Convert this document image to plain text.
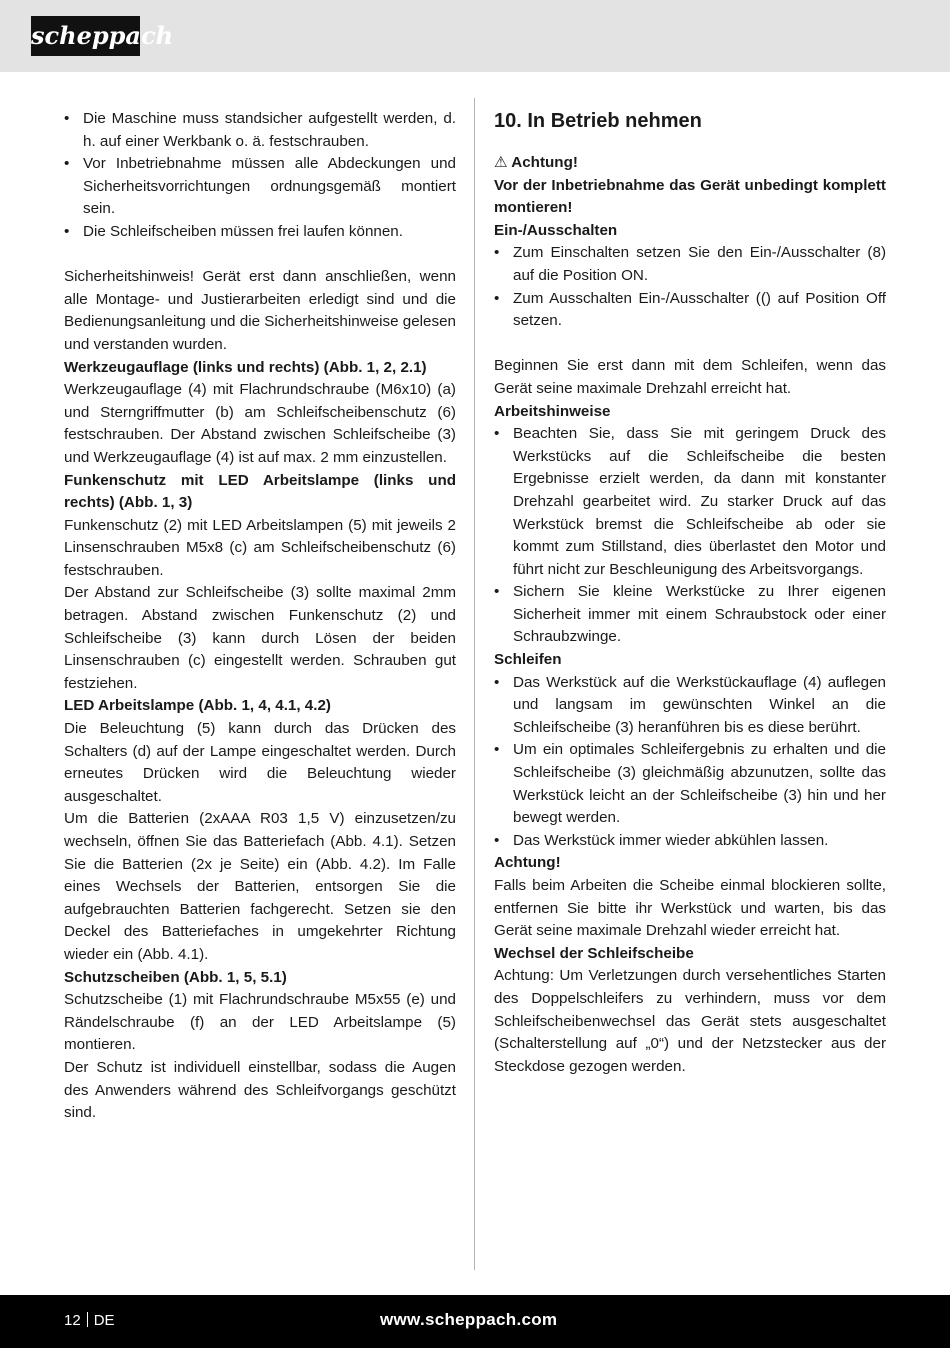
scheppach
• Die Maschine muss standsicher aufgestellt werden, d. h. auf einer Werkbank o. ä. festschrauben.
• Vor Inbetriebnahme müssen alle Abdeckungen und Sicherheitsvorrichtungen ordnungsgemäß montiert sein.
• Die Schleifscheiben müssen frei laufen können.

Sicherheitshinweis! Gerät erst dann anschließen, wenn alle Montage- und Justierarbeiten erledigt sind und die Bedienungsanleitung und die Sicherheitshinweise gelesen und verstanden wurden.

Werkzeugauflage (links und rechts) (Abb. 1, 2, 2.1)

Werkzeugauflage (4) mit Flachrundschraube (M6x10) (a) und Sterngriffmutter (b) am Schleifscheibenschutz (6) festschrauben. Der Abstand zwischen Schleifscheibe (3) und Werkzeugauflage (4) ist auf max. 2 mm einzustellen.

Funkenschutz mit LED Arbeitslampe (links und rechts) (Abb. 1, 3)

Funkenschutz (2) mit LED Arbeitslampen (5) mit jeweils 2 Linsenschrauben M5x8 (c) am Schleifscheibenschutz (6) festschrauben.

Der Abstand zur Schleifscheibe (3) sollte maximal 2mm betragen. Abstand zwischen Funkenschutz (2) und Schleifscheibe (3) kann durch Lösen der beiden Linsenschrauben (c) eingestellt werden. Schrauben gut festziehen.

LED Arbeitslampe (Abb. 1, 4, 4.1, 4.2)

Die Beleuchtung (5) kann durch das Drücken des Schalters (d) auf der Lampe eingeschaltet werden. Durch erneutes Drücken wird die Beleuchtung wieder ausgeschaltet.

Um die Batterien (2xAAA R03 1,5 V) einzusetzen/zu wechseln, öffnen Sie das Batteriefach (Abb. 4.1). Setzen Sie die Batterien (2x je Seite) ein (Abb. 4.2). Im Falle eines Wechsels der Batterien, entsorgen Sie die aufgebrauchten Batterien fachgerecht. Setzen sie den Deckel des Batteriefaches in umgekehrter Richtung wieder ein (Abb. 4.1).

Schutzscheiben (Abb. 1, 5, 5.1)

Schutzscheibe (1) mit Flachrundschraube M5x55 (e) und Rändelschraube (f) an der LED Arbeitslampe (5) montieren.

Der Schutz ist individuell einstellbar, sodass die Augen des Anwenders während des Schleifvorgangs geschützt sind.

10. In Betrieb nehmen

⚠ Achtung!

Vor der Inbetriebnahme das Gerät unbedingt komplett montieren!

Ein-/Ausschalten

• Zum Einschalten setzen Sie den Ein-/Ausschalter (8) auf die Position ON.
• Zum Ausschalten Ein-/Ausschalter (() auf Position Off setzen.

Beginnen Sie erst dann mit dem Schleifen, wenn das Gerät seine maximale Drehzahl erreicht hat.

Arbeitshinweise

• Beachten Sie, dass Sie mit geringem Druck des Werkstücks auf die Schleifscheibe die besten Ergebnisse erzielt werden, da dann mit konstanter Drehzahl gearbeitet wird. Zu starker Druck auf das Werkstück bremst die Schleifscheibe ab oder sie kommt zum Stillstand, dies überlastet den Motor und führt nicht zur Beschleunigung des Arbeitsvorgangs.
• Sichern Sie kleine Werkstücke zu Ihrer eigenen Sicherheit immer mit einem Schraubstock oder einer Schraubzwinge.

Schleifen

• Das Werkstück auf die Werkstückauflage (4) auflegen und langsam im gewünschten Winkel an die Schleifscheibe (3) heranführen bis es diese berührt.
• Um ein optimales Schleifergebnis zu erhalten und die Schleifscheibe (3) gleichmäßig abzunutzen, sollte das Werkstück leicht an der Schleifscheibe (3) hin und her bewegt werden.
• Das Werkstück immer wieder abkühlen lassen.

Achtung!

Falls beim Arbeiten die Scheibe einmal blockieren sollte, entfernen Sie bitte ihr Werkstück und warten, bis das Gerät seine maximale Drehzahl wieder erreicht hat.

Wechsel der Schleifscheibe

Achtung: Um Verletzungen durch versehentliches Starten des Doppelschleifers zu verhindern, muss vor dem Schleifscheibenwechsel das Gerät stets ausgeschaltet (Schalterstellung auf „0“) und der Netzstecker aus der Steckdose gezogen werden.

12 DE	www.scheppach.com
